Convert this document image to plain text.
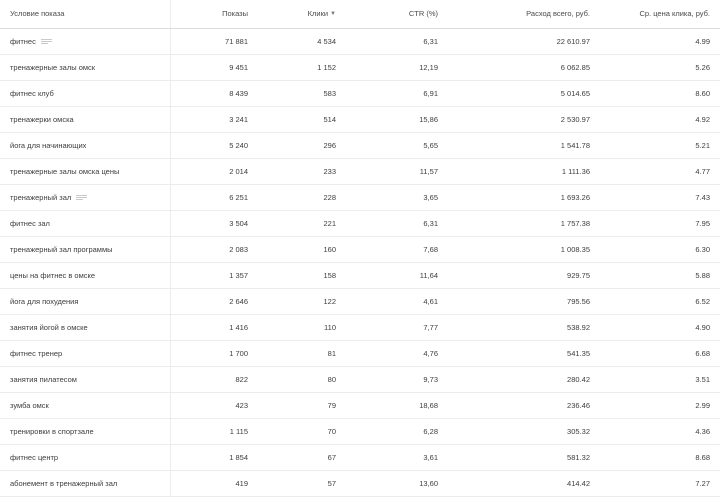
Условие показа	Показы	Клики ▼	CTR (%)	Расход всего, руб.	Ср. цена клика, руб.

фитнес	71 881	4 534	6,31	22 610.97	4.99

тренажерные залы омск	9 451	1 152	12,19	6 062.85	5.26

фитнес клуб	8 439	583	6,91	5 014.65	8.60

тренажерки омска	3 241	514	15,86	2 530.97	4.92

йога для начинающих	5 240	296	5,65	1 541.78	5.21

тренажерные залы омска цены	2 014	233	11,57	1 111.36	4.77

тренажерный зал	6 251	228	3,65	1 693.26	7.43

фитнес зал	3 504	221	6,31	1 757.38	7.95

тренажерный зал программы	2 083	160	7,68	1 008.35	6.30

цены на фитнес в омске	1 357	158	11,64	929.75	5.88

йога для похудения	2 646	122	4,61	795.56	6.52

занятия йогой в омске	1 416	110	7,77	538.92	4.90

фитнес тренер	1 700	81	4,76	541.35	6.68

занятия пилатесом	822	80	9,73	280.42	3.51

зумба омск	423	79	18,68	236.46	2.99

тренировки в спортзале	1 115	70	6,28	305.32	4.36

фитнес центр	1 854	67	3,61	581.32	8.68

абонемент в тренажерный зал	419	57	13,60	414.42	7.27
